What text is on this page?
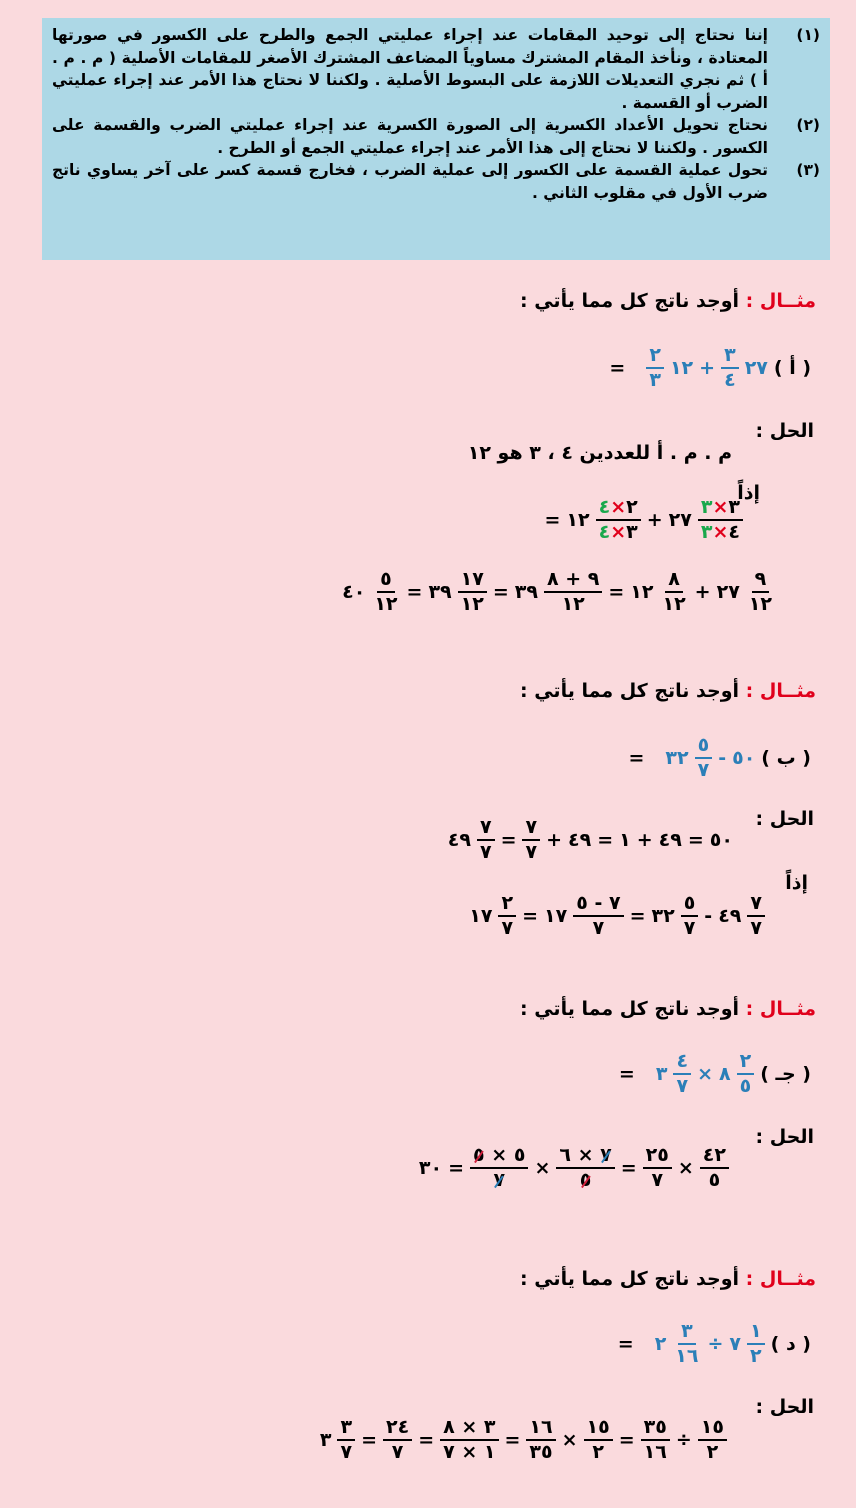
(١)
إننا نحتاج إلى توحيد المقامات عند إجراء عمليتي الجمع والطرح على الكسور في صورتها المعتادة ، ونأخذ المقام المشترك مساوياً المضاعف المشترك الأصغر للمقامات الأصلية ( م . م . أ ) ثم نجري التعديلات اللازمة على البسوط الأصلية . ولكننا لا نحتاج هذا الأمر عند إجراء عمليتي الضرب أو القسمة .
(٢)
نحتاج تحويل الأعداد الكسرية إلى الصورة الكسرية عند إجراء عمليتي الضرب والقسمة على الكسور . ولكننا لا نحتاج إلى هذا الأمر عند إجراء عمليتي الجمع أو الطرح .
(٣)
تحول عملية القسمة على الكسور إلى عملية الضرب ، فخارج قسمة كسر على آخر يساوي ناتج ضرب الأول في مقلوب الثاني .
مثــال : أوجد ناتج كل مما يأتي :
( أ )
٢٧
٣
٤
+
١٢
٢
٣
=
الحل :
م . م . أ للعددين ٤ ، ٣ هو ١٢
إذاً
٣×٣
٤×٣
٢٧
+
٢×٤
٣×٤
١٢
=
٩
١٢
٢٧
+
٨
١٢
١٢
=
٩ + ٨
١٢
٣٩
=
١٧
١٢
٣٩
=
٥
١٢
٤٠
مثــال : أوجد ناتج كل مما يأتي :
( ب )
٥٠
-
٥
٧
٣٢
=
الحل :
٥٠
=
٤٩
+
١
=
٤٩
+
٧
٧
=
٧
٧
٤٩
إذاً
٧
٧
٤٩
-
٥
٧
٣٢
=
٧ - ٥
٧
١٧
=
٢
٧
١٧
مثــال : أوجد ناتج كل مما يأتي :
( جـ )
٢
٥
٨
×
٤
٧
٣
=
الحل :
٤٢
٥
×
٢٥
٧
=
٧ × ٦
٥
×
٥ × ٥
٧
=
٣٠
مثــال : أوجد ناتج كل مما يأتي :
( د )
١
٢
٧
÷
٣
١٦
٢
=
الحل :
١٥
٢
÷
٣٥
١٦
=
١٥
٢
×
١٦
٣٥
=
٣ × ٨
١ × ٧
=
٢٤
٧
=
٣
٧
٣
